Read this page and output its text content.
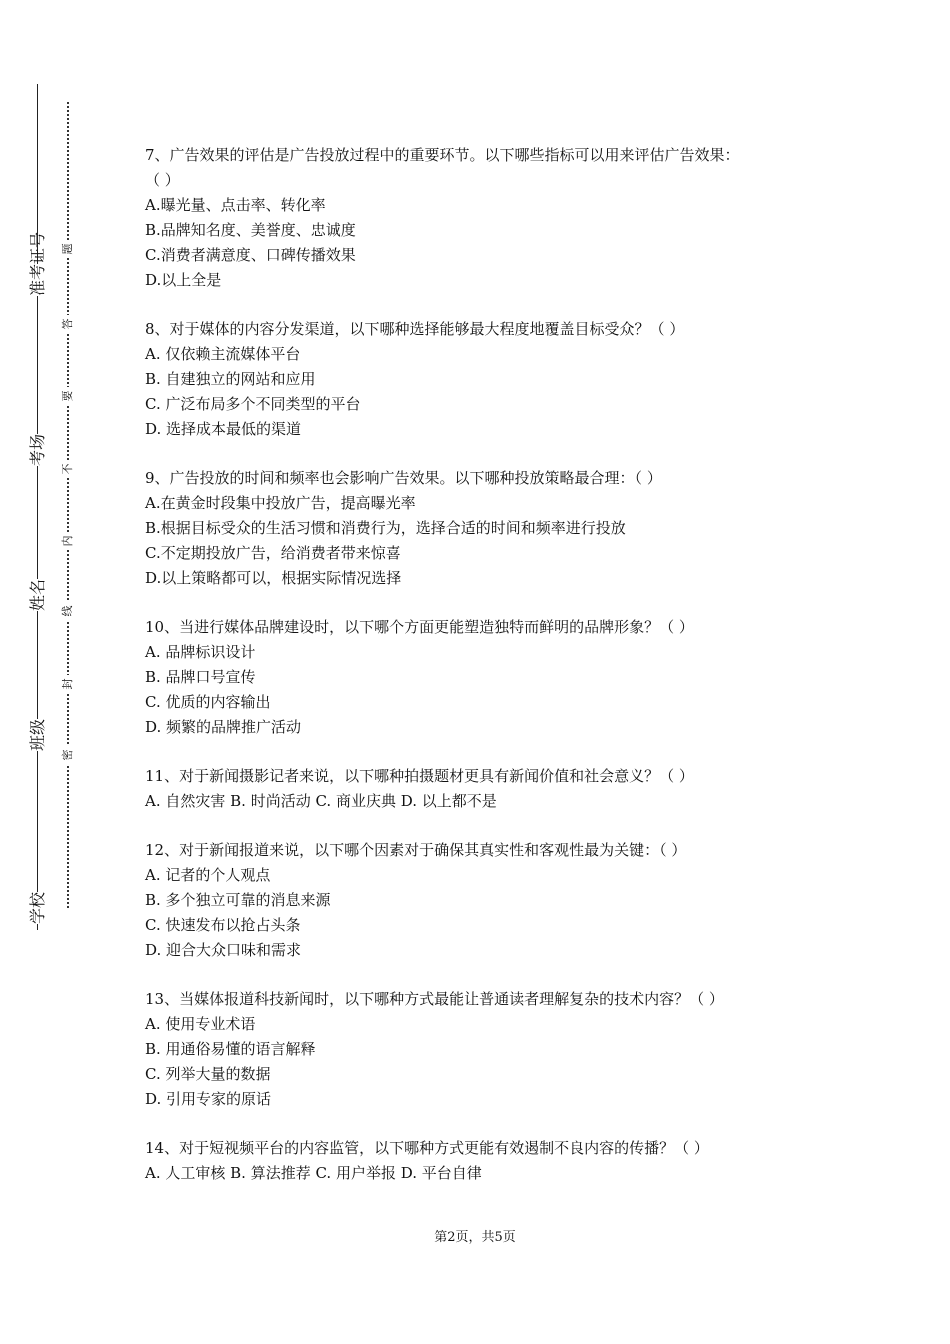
准考证号
考场
姓名
班级
学校
题
答
要
不
内
线
封
密
7、广告效果的评估是广告投放过程中的重要环节。以下哪些指标可以用来评估广告效果：
（ ）
A.曝光量、点击率、转化率
B.品牌知名度、美誉度、忠诚度
C.消费者满意度、口碑传播效果
D.以上全是
8、对于媒体的内容分发渠道，以下哪种选择能够最大程度地覆盖目标受众？（ ）
A. 仅依赖主流媒体平台
B. 自建独立的网站和应用
C. 广泛布局多个不同类型的平台
D. 选择成本最低的渠道
9、广告投放的时间和频率也会影响广告效果。以下哪种投放策略最合理：（ ）
A.在黄金时段集中投放广告，提高曝光率
B.根据目标受众的生活习惯和消费行为，选择合适的时间和频率进行投放
C.不定期投放广告，给消费者带来惊喜
D.以上策略都可以，根据实际情况选择
10、当进行媒体品牌建设时，以下哪个方面更能塑造独特而鲜明的品牌形象？（ ）
A. 品牌标识设计
B. 品牌口号宣传
C. 优质的内容输出
D. 频繁的品牌推广活动
11、对于新闻摄影记者来说，以下哪种拍摄题材更具有新闻价值和社会意义？（ ）
A. 自然灾害 B. 时尚活动 C. 商业庆典 D. 以上都不是
12、对于新闻报道来说，以下哪个因素对于确保其真实性和客观性最为关键：（ ）
A. 记者的个人观点
B. 多个独立可靠的消息来源
C. 快速发布以抢占头条
D. 迎合大众口味和需求
13、当媒体报道科技新闻时，以下哪种方式最能让普通读者理解复杂的技术内容？（ ）
A. 使用专业术语
B. 用通俗易懂的语言解释
C. 列举大量的数据
D. 引用专家的原话
14、对于短视频平台的内容监管，以下哪种方式更能有效遏制不良内容的传播？（ ）
A. 人工审核 B. 算法推荐 C. 用户举报 D. 平台自律
第2页，共5页
